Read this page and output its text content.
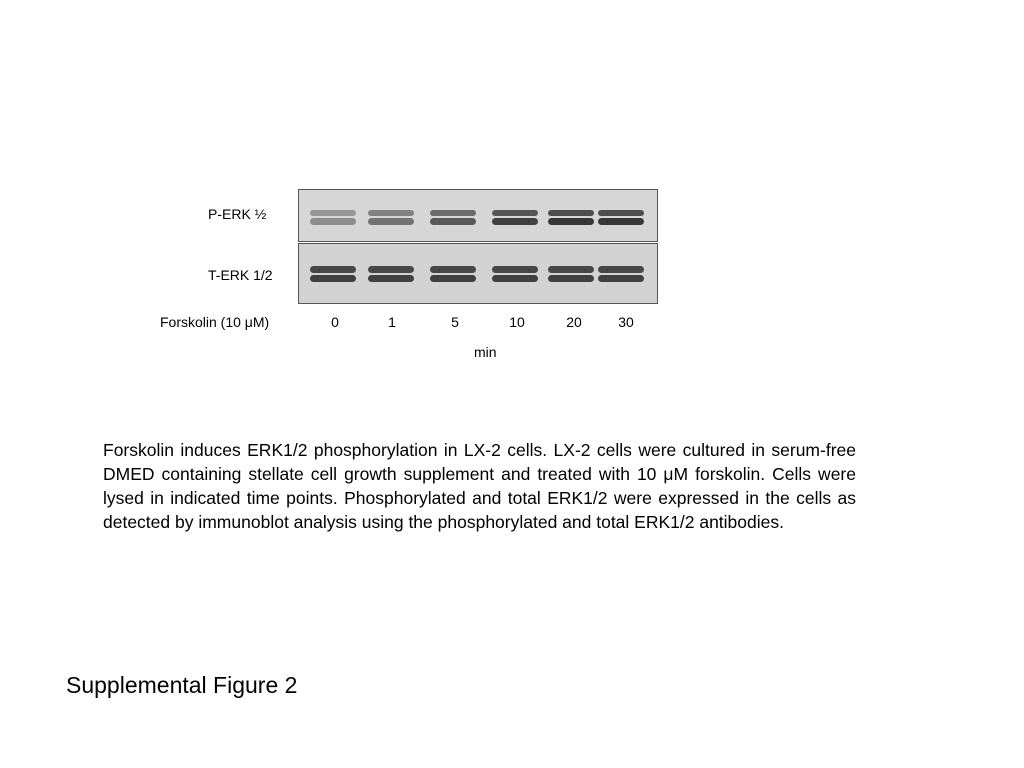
P-ERK ½
T-ERK 1/2
Forskolin (10 μM)	0	1	5	10	20	30
min
Forskolin induces ERK1/2 phosphorylation in LX-2 cells. LX-2 cells were cultured in serum-free DMED containing stellate cell growth supplement and treated with 10 μM forskolin. Cells were lysed in indicated time points. Phosphorylated and total ERK1/2 were expressed in the cells as detected by immunoblot analysis using the phosphorylated and total ERK1/2 antibodies.
Supplemental Figure 2
